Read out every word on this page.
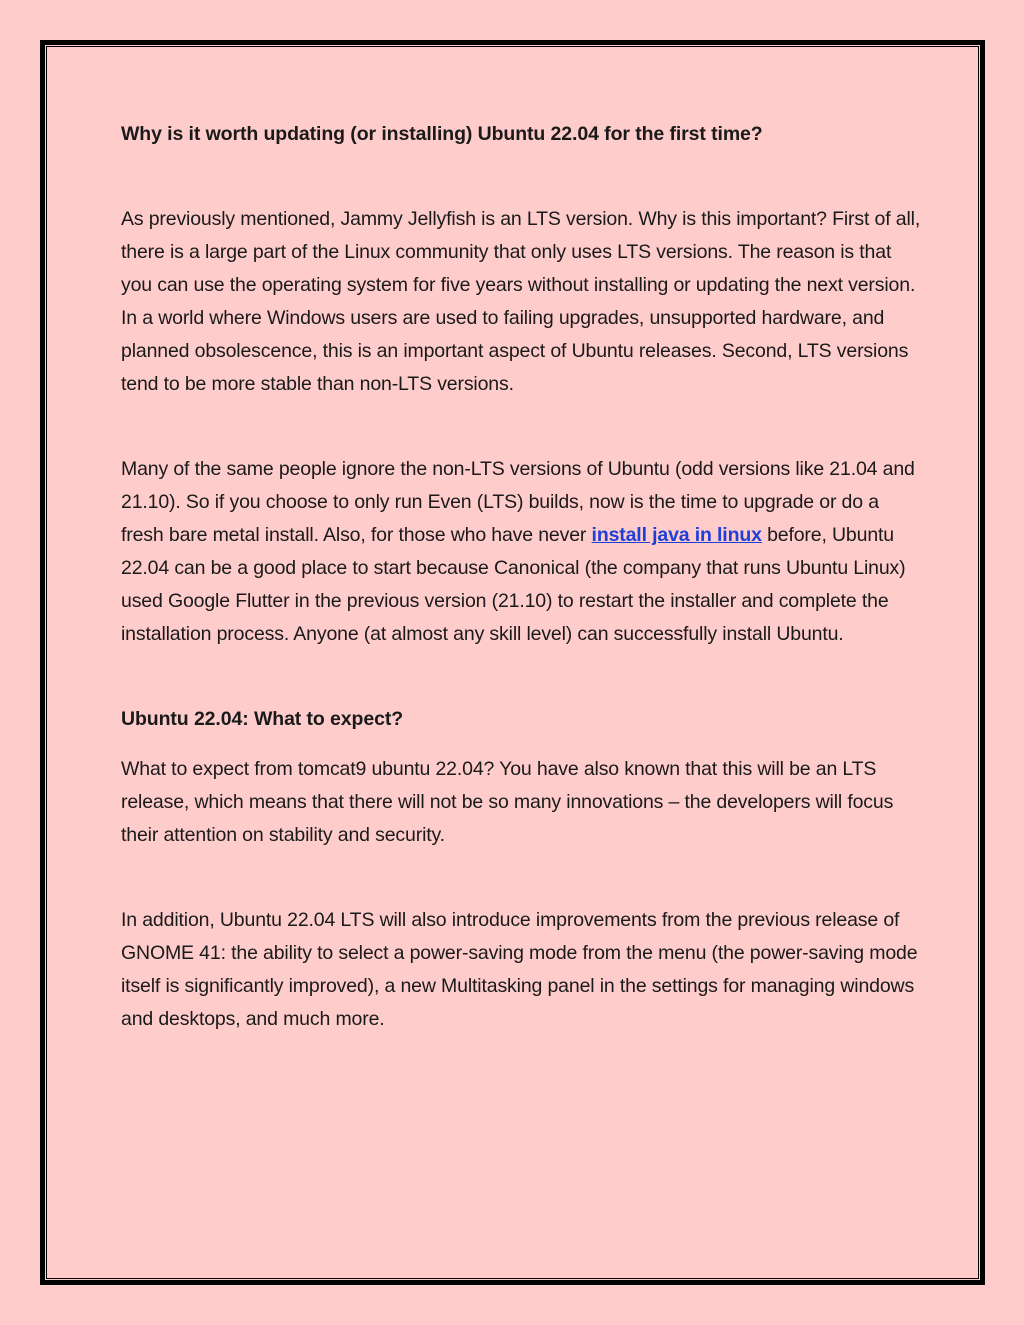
Why is it worth updating (or installing) Ubuntu 22.04 for the first time?

As previously mentioned, Jammy Jellyfish is an LTS version. Why is this important? First of all, there is a large part of the Linux community that only uses LTS versions. The reason is that you can use the operating system for five years without installing or updating the next version. In a world where Windows users are used to failing upgrades, unsupported hardware, and planned obsolescence, this is an important aspect of Ubuntu releases. Second, LTS versions tend to be more stable than non-LTS versions.

Many of the same people ignore the non-LTS versions of Ubuntu (odd versions like 21.04 and 21.10). So if you choose to only run Even (LTS) builds, now is the time to upgrade or do a fresh bare metal install. Also, for those who have never install java in linux before, Ubuntu 22.04 can be a good place to start because Canonical (the company that runs Ubuntu Linux) used Google Flutter in the previous version (21.10) to restart the installer and complete the installation process. Anyone (at almost any skill level) can successfully install Ubuntu.

Ubuntu 22.04: What to expect?

What to expect from tomcat9 ubuntu 22.04? You have also known that this will be an LTS release, which means that there will not be so many innovations – the developers will focus their attention on stability and security.

In addition, Ubuntu 22.04 LTS will also introduce improvements from the previous release of GNOME 41: the ability to select a power-saving mode from the menu (the power-saving mode itself is significantly improved), a new Multitasking panel in the settings for managing windows and desktops, and much more.
